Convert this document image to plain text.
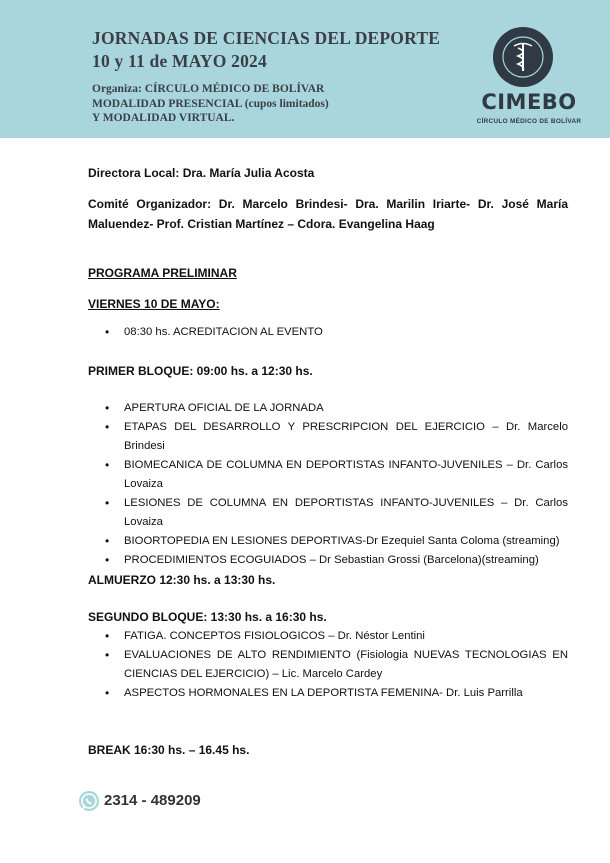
JORNADAS DE CIENCIAS DEL DEPORTE
10 y 11 de MAYO 2024
Organiza: CÍRCULO MÉDICO DE BOLÍVAR
MODALIDAD PRESENCIAL (cupos limitados)
Y MODALIDAD VIRTUAL.
CIMEBO
CÍRCULO MÉDICO DE BOLÍVAR
Directora Local: Dra. María Julia Acosta
Comité Organizador: Dr. Marcelo Brindesi- Dra. Marilin Iriarte- Dr. José María Maluendez- Prof. Cristian Martínez – Cdora. Evangelina Haag
PROGRAMA PRELIMINAR
VIERNES 10 DE MAYO:
• 08:30 hs. ACREDITACION AL EVENTO
PRIMER BLOQUE: 09:00 hs. a 12:30 hs.
• APERTURA OFICIAL DE LA JORNADA
• ETAPAS DEL DESARROLLO Y PRESCRIPCION DEL EJERCICIO – Dr. Marcelo Brindesi
• BIOMECANICA DE COLUMNA EN DEPORTISTAS INFANTO-JUVENILES – Dr. Carlos Lovaiza
• LESIONES DE COLUMNA EN DEPORTISTAS INFANTO-JUVENILES – Dr. Carlos Lovaiza
• BIOORTOPEDIA EN LESIONES DEPORTIVAS-Dr Ezequiel Santa Coloma (streaming)
• PROCEDIMIENTOS ECOGUIADOS – Dr Sebastian Grossi (Barcelona)(streaming)
ALMUERZO 12:30 hs. a 13:30 hs.
SEGUNDO BLOQUE: 13:30 hs. a 16:30 hs.
• FATIGA. CONCEPTOS FISIOLOGICOS – Dr. Néstor Lentini
• EVALUACIONES DE ALTO RENDIMIENTO (Fisiologia NUEVAS TECNOLOGIAS EN CIENCIAS DEL EJERCICIO) – Lic. Marcelo Cardey
• ASPECTOS HORMONALES EN LA DEPORTISTA FEMENINA- Dr. Luis Parrilla
BREAK 16:30 hs. – 16.45 hs.
2314 - 489209
